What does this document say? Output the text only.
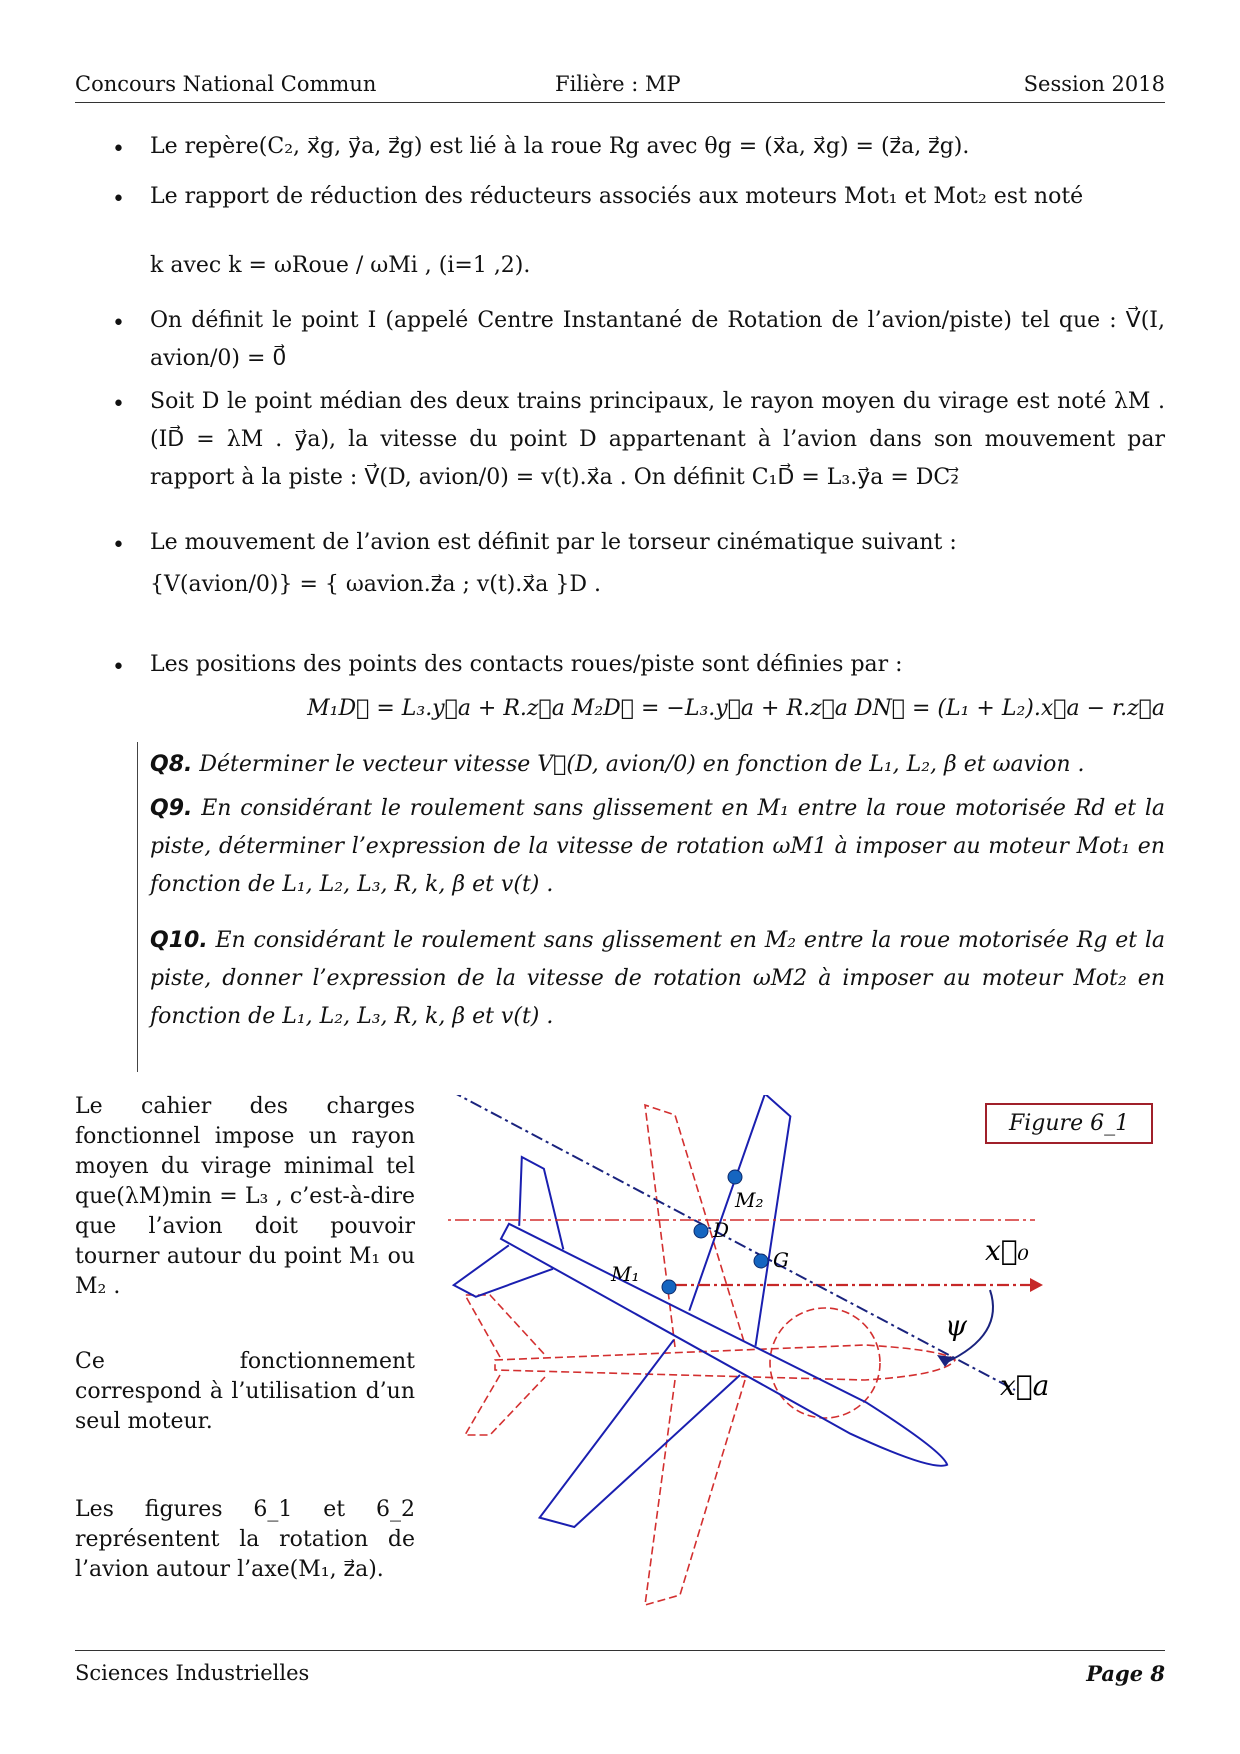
Concours National Commun	Filière : MP	Session 2018
• Le repère(C₂, x⃗g, y⃗a, z⃗g) est lié à la roue Rg avec θg = (x⃗a, x⃗g) = (z⃗a, z⃗g).
• Le rapport de réduction des réducteurs associés aux moteurs Mot₁ et Mot₂ est noté
k avec k = ωRoue / ωMi , (i=1 ,2).
• On définit le point I (appelé Centre Instantané de Rotation de l’avion/piste) tel que : V⃗(I, avion/0) = 0⃗
• Soit D le point médian des deux trains principaux, le rayon moyen du virage est noté λM . (ID⃗ = λM . y⃗a), la vitesse du point D appartenant à l’avion dans son mouvement par rapport à la piste : V⃗(D, avion/0) = v(t).x⃗a . On définit C₁D⃗ = L₃.y⃗a = DC₂⃗
• Le mouvement de l’avion est définit par le torseur cinématique suivant :
{V(avion/0)} = { ωavion.z⃗a ; v(t).x⃗a }D .
• Les positions des points des contacts roues/piste sont définies par :
M₁D⃗ = L₃.y⃗a + R.z⃗a M₂D⃗ = −L₃.y⃗a + R.z⃗a DN⃗ = (L₁ + L₂).x⃗a − r.z⃗a
Q8. Déterminer le vecteur vitesse V⃗(D, avion/0) en fonction de L₁, L₂, β et ωavion .
Q9. En considérant le roulement sans glissement en M₁ entre la roue motorisée Rd et la piste, déterminer l’expression de la vitesse de rotation ωM1 à imposer au moteur Mot₁ en fonction de L₁, L₂, L₃, R, k, β et v(t) .
Q10. En considérant le roulement sans glissement en M₂ entre la roue motorisée Rg et la piste, donner l’expression de la vitesse de rotation ωM2 à imposer au moteur Mot₂ en fonction de L₁, L₂, L₃, R, k, β et v(t) .
Le cahier des charges fonctionnel impose un rayon moyen du virage minimal tel que(λM)min = L₃ , c’est-à-dire que l’avion doit pouvoir tourner autour du point M₁ ou M₂ .
Ce fonctionnement correspond à l’utilisation d’un seul moteur.
Les figures 6_1 et 6_2 représentent la rotation de l’avion autour l’axe(M₁, z⃗a).
M₂
D
G
M₁
x⃗₀
ψ
x⃗a
Figure 6_1
Sciences Industrielles	Page 8
